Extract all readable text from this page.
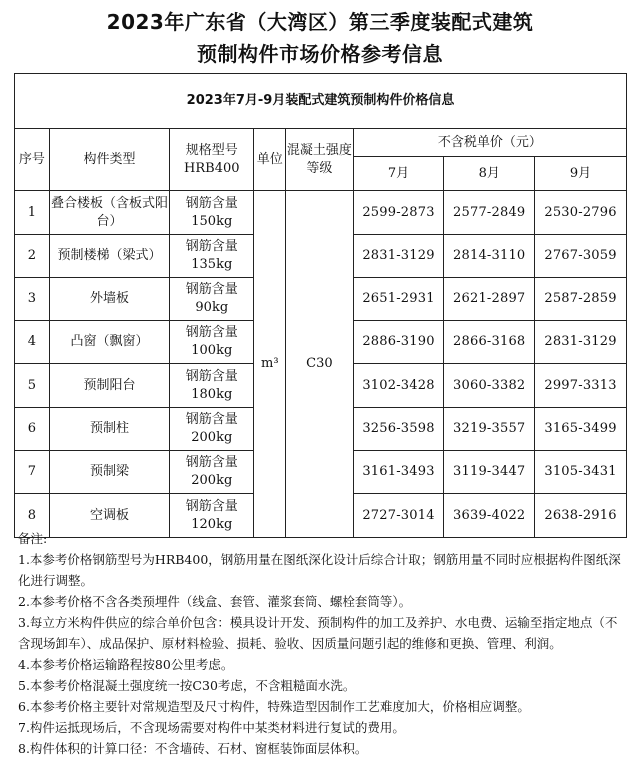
2023年广东省（大湾区）第三季度装配式建筑
预制构件市场价格参考信息
2023年7月-9月装配式建筑预制构件价格信息							
序号	构件类型	规格型号HRB400	单位	混凝土强度等级	不含税单价（元）		
					7月	8月	9月
1	叠合楼板（含板式阳台）	钢筋含量150kg	m³	C30	2599-2873	2577-2849	2530-2796
2	预制楼梯（梁式）	钢筋含量135kg			2831-3129	2814-3110	2767-3059
3	外墙板	钢筋含量90kg			2651-2931	2621-2897	2587-2859
4	凸窗（飘窗）	钢筋含量100kg			2886-3190	2866-3168	2831-3129
5	预制阳台	钢筋含量180kg			3102-3428	3060-3382	2997-3313
6	预制柱	钢筋含量200kg			3256-3598	3219-3557	3165-3499
7	预制梁	钢筋含量200kg			3161-3493	3119-3447	3105-3431
8	空调板	钢筋含量120kg			2727-3014	3639-4022	2638-2916

备注:

1.本参考价格钢筋型号为HRB400，钢筋用量在图纸深化设计后综合计取；钢筋用量不同时应根据构件图纸深化进行调整。

2.本参考价格不含各类预埋件（线盒、套管、灌浆套筒、螺栓套筒等）。

3.每立方米构件供应的综合单价包含：模具设计开发、预制构件的加工及养护、水电费、运输至指定地点（不含现场卸车）、成品保护、原材料检验、损耗、验收、因质量问题引起的维修和更换、管理、利润。

4.本参考价格运输路程按80公里考虑。

5.本参考价格混凝土强度统一按C30考虑，不含粗糙面水洗。

6.本参考价格主要针对常规造型及尺寸构件，特殊造型因制作工艺难度加大，价格相应调整。

7.构件运抵现场后，不含现场需要对构件中某类材料进行复试的费用。

8.构件体积的计算口径：不含墙砖、石材、窗框装饰面层体积。
